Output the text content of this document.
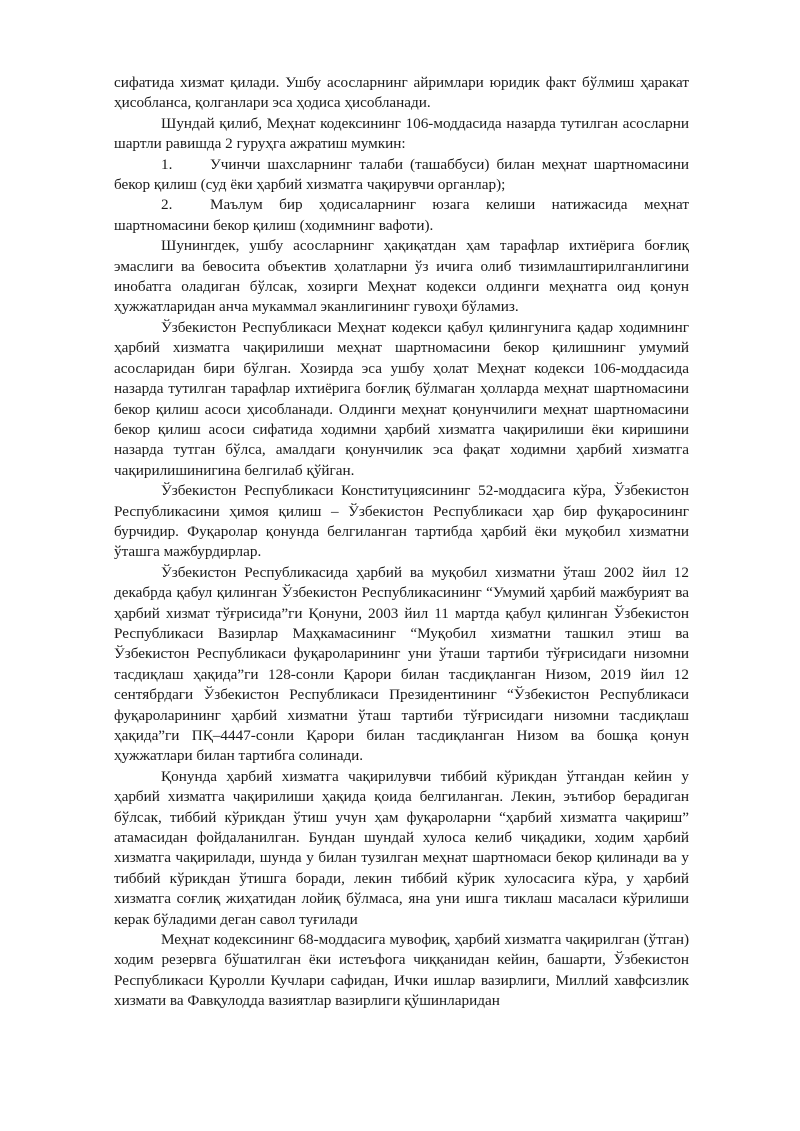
сифатида хизмат қилади. Ушбу асосларнинг айримлари юридик факт бўлмиш ҳаракат ҳисобланса, қолганлари эса ҳодиса ҳисобланади.

Шундай қилиб, Меҳнат кодексининг 106-моддасида назарда тутилган асосларни шартли равишда 2 гуруҳга ажратиш мумкин:

1. Учинчи шахсларнинг талаби (ташаббуси) билан меҳнат шартномасини бекор қилиш (суд ёки ҳарбий хизматга чақирувчи органлар);

2. Маълум бир ҳодисаларнинг юзага келиши натижасида меҳнат шартномасини бекор қилиш (ходимнинг вафоти).

Шунингдек, ушбу асосларнинг ҳақиқатдан ҳам тарафлар ихтиёрига боғлиқ эмаслиги ва бевосита объектив ҳолатларни ўз ичига олиб тизимлаштирилганлигини инобатга оладиган бўлсак, хозирги Меҳнат кодекси олдинги меҳнатга оид қонун ҳужжатларидан анча мукаммал эканлигининг гувоҳи бўламиз.

Ўзбекистон Республикаси Меҳнат кодекси қабул қилингунига қадар ходимнинг ҳарбий хизматга чақирилиши меҳнат шартномасини бекор қилишнинг умумий асосларидан бири бўлган. Хозирда эса ушбу ҳолат Меҳнат кодекси 106-моддасида назарда тутилган тарафлар ихтиёрига боғлиқ бўлмаган ҳолларда меҳнат шартномасини бекор қилиш асоси ҳисобланади. Олдинги меҳнат қонунчилиги меҳнат шартномасини бекор қилиш асоси сифатида ходимни ҳарбий хизматга чақирилиши ёки киришини назарда тутган бўлса, амалдаги қонунчилик эса фақат ходимни ҳарбий хизматга чақирилишинигина белгилаб қўйган.

Ўзбекистон Республикаси Конституциясининг 52-моддасига кўра, Ўзбекистон Республикасини ҳимоя қилиш – Ўзбекистон Республикаси ҳар бир фуқаросининг бурчидир. Фуқаролар қонунда белгиланган тартибда ҳарбий ёки муқобил хизматни ўташга мажбурдирлар.

Ўзбекистон Республикасида ҳарбий ва муқобил хизматни ўташ 2002 йил 12 декабрда қабул қилинган Ўзбекистон Республикасининг “Умумий ҳарбий мажбурият ва ҳарбий хизмат тўғрисида”ги Қонуни, 2003 йил 11 мартда қабул қилинган Ўзбекистон Республикаси Вазирлар Маҳкамасининг “Муқобил хизматни ташкил этиш ва Ўзбекистон Республикаси фуқароларининг уни ўташи тартиби тўғрисидаги низомни тасдиқлаш ҳақида”ги 128-сонли Қарори билан тасдиқланган Низом, 2019 йил 12 сентябрдаги Ўзбекистон Республикаси Президентининг “Ўзбекистон Республикаси фуқароларининг ҳарбий хизматни ўташ тартиби тўғрисидаги низомни тасдиқлаш ҳақида”ги ПҚ–4447-сонли Қарори билан тасдиқланган Низом ва бошқа қонун ҳужжатлари билан тартибга солинади.

Қонунда ҳарбий хизматга чақирилувчи тиббий кўрикдан ўтгандан кейин у ҳарбий хизматга чақирилиши ҳақида қоида белгиланган. Лекин, эътибор берадиган бўлсак, тиббий кўрикдан ўтиш учун ҳам фуқароларни “ҳарбий хизматга чақириш” атамасидан фойдаланилган. Бундан шундай хулоса келиб чиқадики, ходим ҳарбий хизматга чақирилади, шунда у билан тузилган меҳнат шартномаси бекор қилинади ва у тиббий кўрикдан ўтишга боради, лекин тиббий кўрик хулосасига кўра, у ҳарбий хизматга соғлиқ жиҳатидан лойиқ бўлмаса, яна уни ишга тиклаш масаласи кўрилиши керак бўладими деган савол туғилади

Меҳнат кодексининг 68-моддасига мувофиқ, ҳарбий хизматга чақирилган (ўтган) ходим резервга бўшатилган ёки истеъфога чиққанидан кейин, башарти, Ўзбекистон Республикаси Қуролли Кучлари сафидан, Ички ишлар вазирлиги, Миллий хавфсизлик хизмати ва Фавқулодда вазиятлар вазирлиги қўшинларидан
